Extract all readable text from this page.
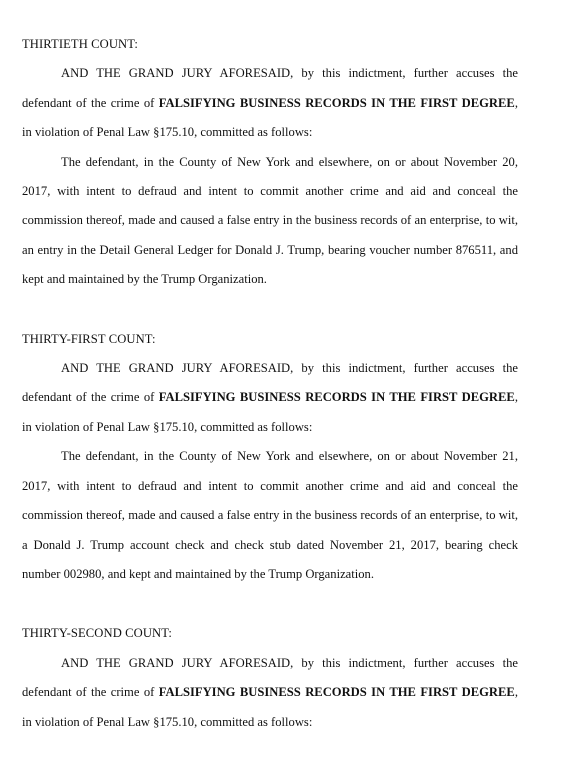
THIRTIETH COUNT:
AND THE GRAND JURY AFORESAID, by this indictment, further accuses the
defendant of the crime of FALSIFYING BUSINESS RECORDS IN THE FIRST DEGREE,
in violation of Penal Law §175.10, committed as follows:
The defendant, in the County of New York and elsewhere, on or about November 20,
2017, with intent to defraud and intent to commit another crime and aid and conceal the
commission thereof, made and caused a false entry in the business records of an enterprise, to wit,
an entry in the Detail General Ledger for Donald J. Trump, bearing voucher number 876511, and
kept and maintained by the Trump Organization.
THIRTY-FIRST COUNT:
AND THE GRAND JURY AFORESAID, by this indictment, further accuses the
defendant of the crime of FALSIFYING BUSINESS RECORDS IN THE FIRST DEGREE,
in violation of Penal Law §175.10, committed as follows:
The defendant, in the County of New York and elsewhere, on or about November 21,
2017, with intent to defraud and intent to commit another crime and aid and conceal the
commission thereof, made and caused a false entry in the business records of an enterprise, to wit,
a Donald J. Trump account check and check stub dated November 21, 2017, bearing check
number 002980, and kept and maintained by the Trump Organization.
THIRTY-SECOND COUNT:
AND THE GRAND JURY AFORESAID, by this indictment, further accuses the
defendant of the crime of FALSIFYING BUSINESS RECORDS IN THE FIRST DEGREE,
in violation of Penal Law §175.10, committed as follows:
